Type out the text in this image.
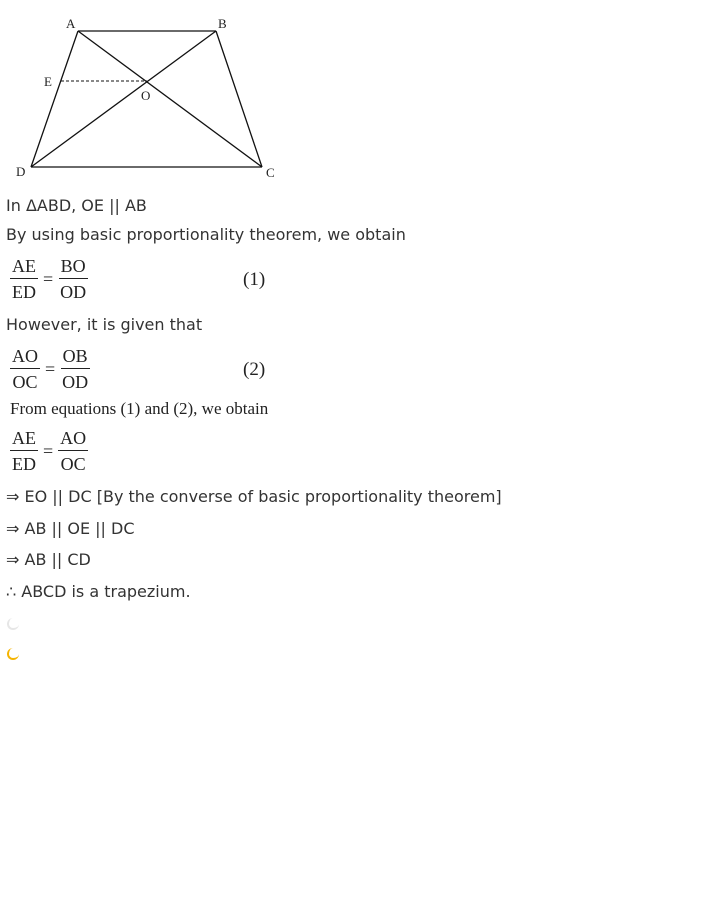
A	B
C
D
E
O
In ΔABD, OE || AB
By using basic proportionality theorem, we obtain
$\frac{AE}{ED} = \frac{BO}{OD}$	(1)
However, it is given that
$\frac{AO}{OC} = \frac{OB}{OD}$	(2)
From equations (1) and (2), we obtain
$\frac{AE}{ED} = \frac{AO}{OC}$
⇒ EO || DC [By the converse of basic proportionality theorem]
⇒ AB || OE || DC
⇒ AB || CD
∴ ABCD is a trapezium.
